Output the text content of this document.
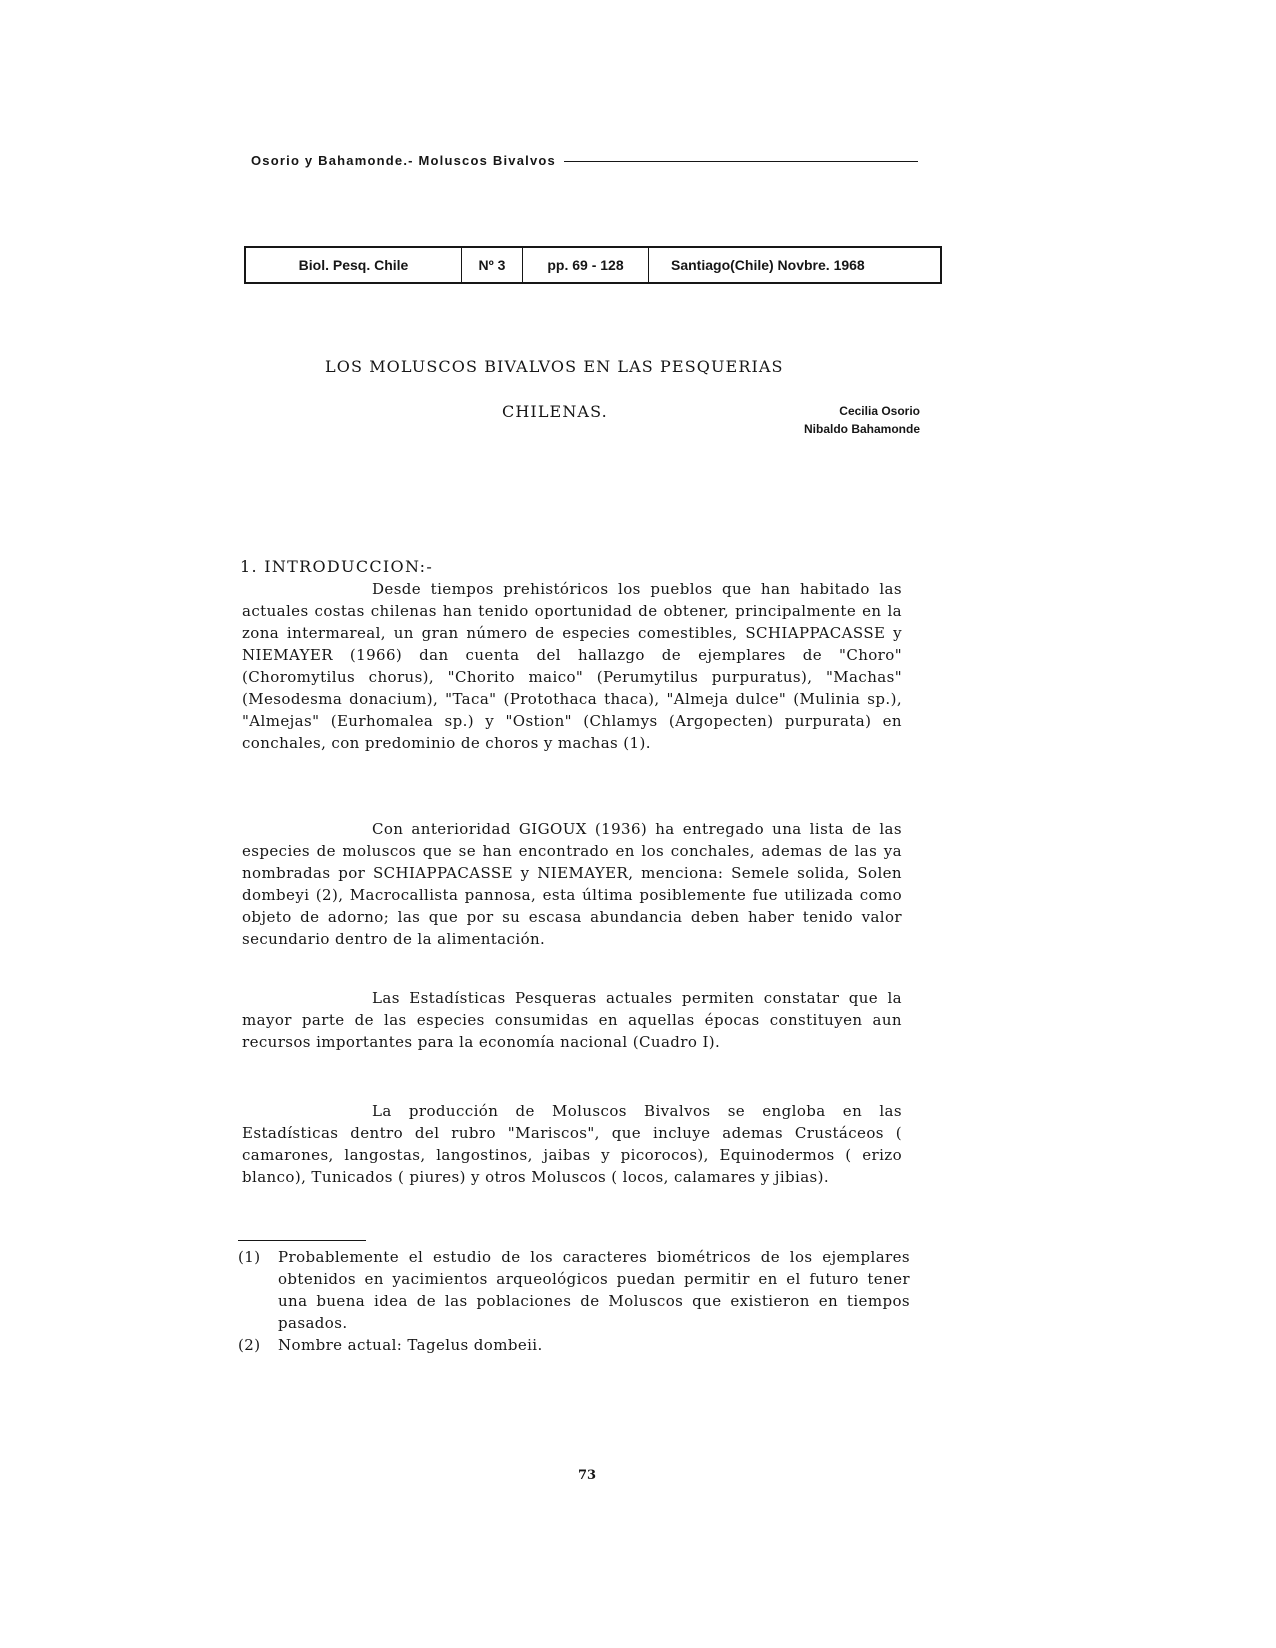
Osorio y Bahamonde.- Moluscos Bivalvos
Biol. Pesq. Chile	Nº 3	pp. 69 - 128	Santiago(Chile) Novbre. 1968
LOS MOLUSCOS BIVALVOS EN LAS PESQUERIAS
CHILENAS.	Cecilia Osorio
Nibaldo Bahamonde
1. INTRODUCCION:-

Desde tiempos prehistóricos los pueblos que han habitado las actuales costas chilenas han tenido oportunidad de obtener, principalmente en la zona intermareal, un gran número de especies comestibles, SCHIAPPACASSE y NIEMAYER (1966) dan cuenta del hallazgo de ejemplares de "Choro" (Choromytilus chorus), "Chorito maico" (Perumytilus purpuratus), "Machas" (Mesodesma donacium), "Taca" (Protothaca thaca), "Almeja dulce" (Mulinia sp.), "Almejas" (Eurhomalea sp.) y "Ostion" (Chlamys (Argopecten) purpurata) en conchales, con predominio de choros y machas (1).

Con anterioridad GIGOUX (1936) ha entregado una lista de las especies de moluscos que se han encontrado en los conchales, ademas de las ya nombradas por SCHIAPPACASSE y NIEMAYER, menciona: Semele solida, Solen dombeyi (2), Macrocallista pannosa, esta última posiblemente fue utilizada como objeto de adorno; las que por su escasa abundancia deben haber tenido valor secundario dentro de la alimentación.

Las Estadísticas Pesqueras actuales permiten constatar que la mayor parte de las especies consumidas en aquellas épocas constituyen aun recursos importantes para la economía nacional (Cuadro I).

La producción de Moluscos Bivalvos se engloba en las Estadísticas dentro del rubro "Mariscos", que incluye ademas Crustáceos ( camarones, langostas, langostinos, jaibas y picorocos), Equinodermos ( erizo blanco), Tunicados ( piures) y otros Moluscos ( locos, calamares y jibias).

(1)	Probablemente el estudio de los caracteres biométricos de los ejemplares obtenidos en yacimientos arqueológicos puedan permitir en el futuro tener una buena idea de las poblaciones de Moluscos que existieron en tiempos pasados.
(2)	Nombre actual: Tagelus dombeii.
73
